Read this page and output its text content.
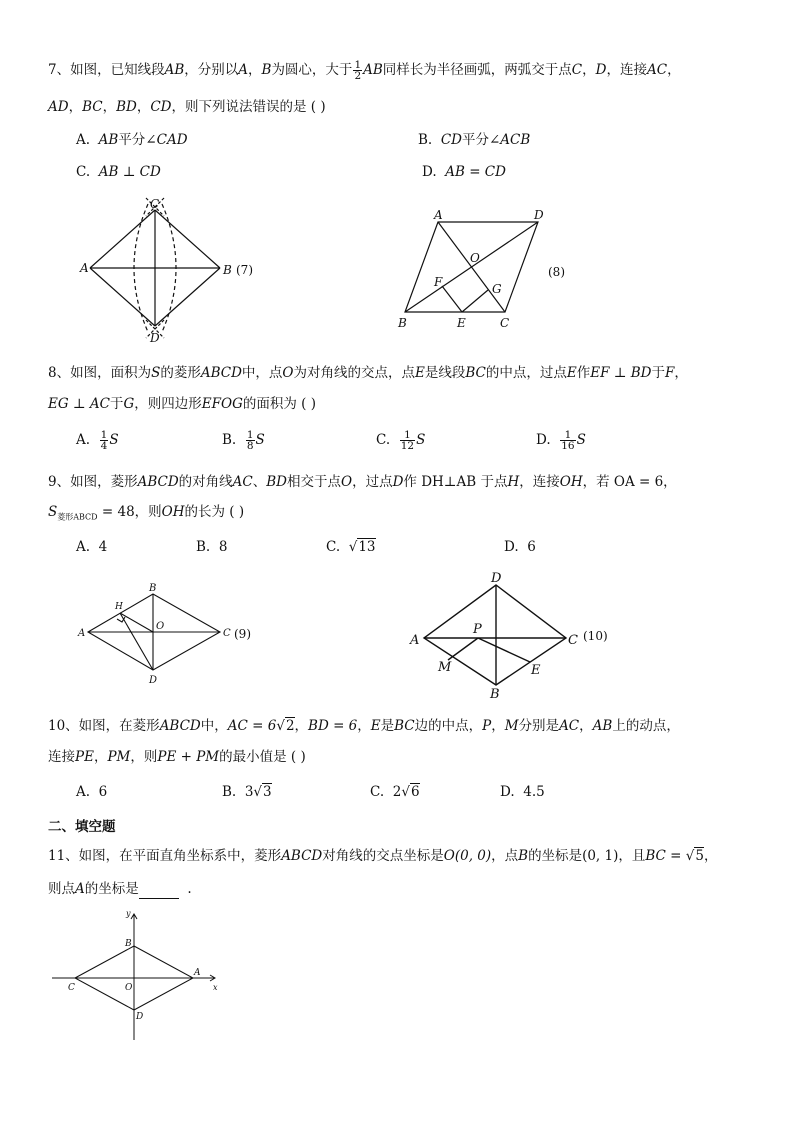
7、如图，已知线段AB，分别以A，B为圆心，大于 $\frac{1}{2}$ AB同样长为半径画弧，两弧交于点C，D，连接AC，
AD，BC，BD，CD，则下列说法错误的是 ( )
A. AB平分∠CAD	B. CD平分∠ACB
C. AB ⊥ CD	D. AB = CD
A	B (7)
C
D
A	D
O
F	G
B	E	C
(8)
8、如图，面积为S的菱形ABCD中，点O为对角线的交点，点E是线段BC的中点，过点E作EF ⊥ BD于F，
EG ⊥ AC于G，则四边形EFOG的面积为 ( )
A. $\frac{1}{4}$ S	B. $\frac{1}{8}$ S	C. $\frac{1}{12}$ S	D. $\frac{1}{16}$ S
9、如图，菱形ABCD的对角线AC、BD相交于点O，过点D作 DH⊥AB 于点H，连接OH，若 OA = 6，
$S_{菱形ABCD} = 48$，则OH的长为 ( )
A. 4	B. 8	C. √13	D. 6
A
B
C
D
O
H
(9)	A
D
C
B
P
M	E
(10)
10、如图，在菱形ABCD中，AC = 6√2，BD = 6，E是BC边的中点，P，M分别是AC，AB上的动点，
连接PE，PM，则PE + PM的最小值是 ( )
A. 6	B. 3√3	C. 2√6	D. 4.5
二、填空题
11、如图，在平面直角坐标系中，菱形ABCD对角线的交点坐标是O(0, 0)，点B的坐标是(0, 1)，且BC = √5，
则点A的坐标是	.
y
x
B
A
C	O
D
